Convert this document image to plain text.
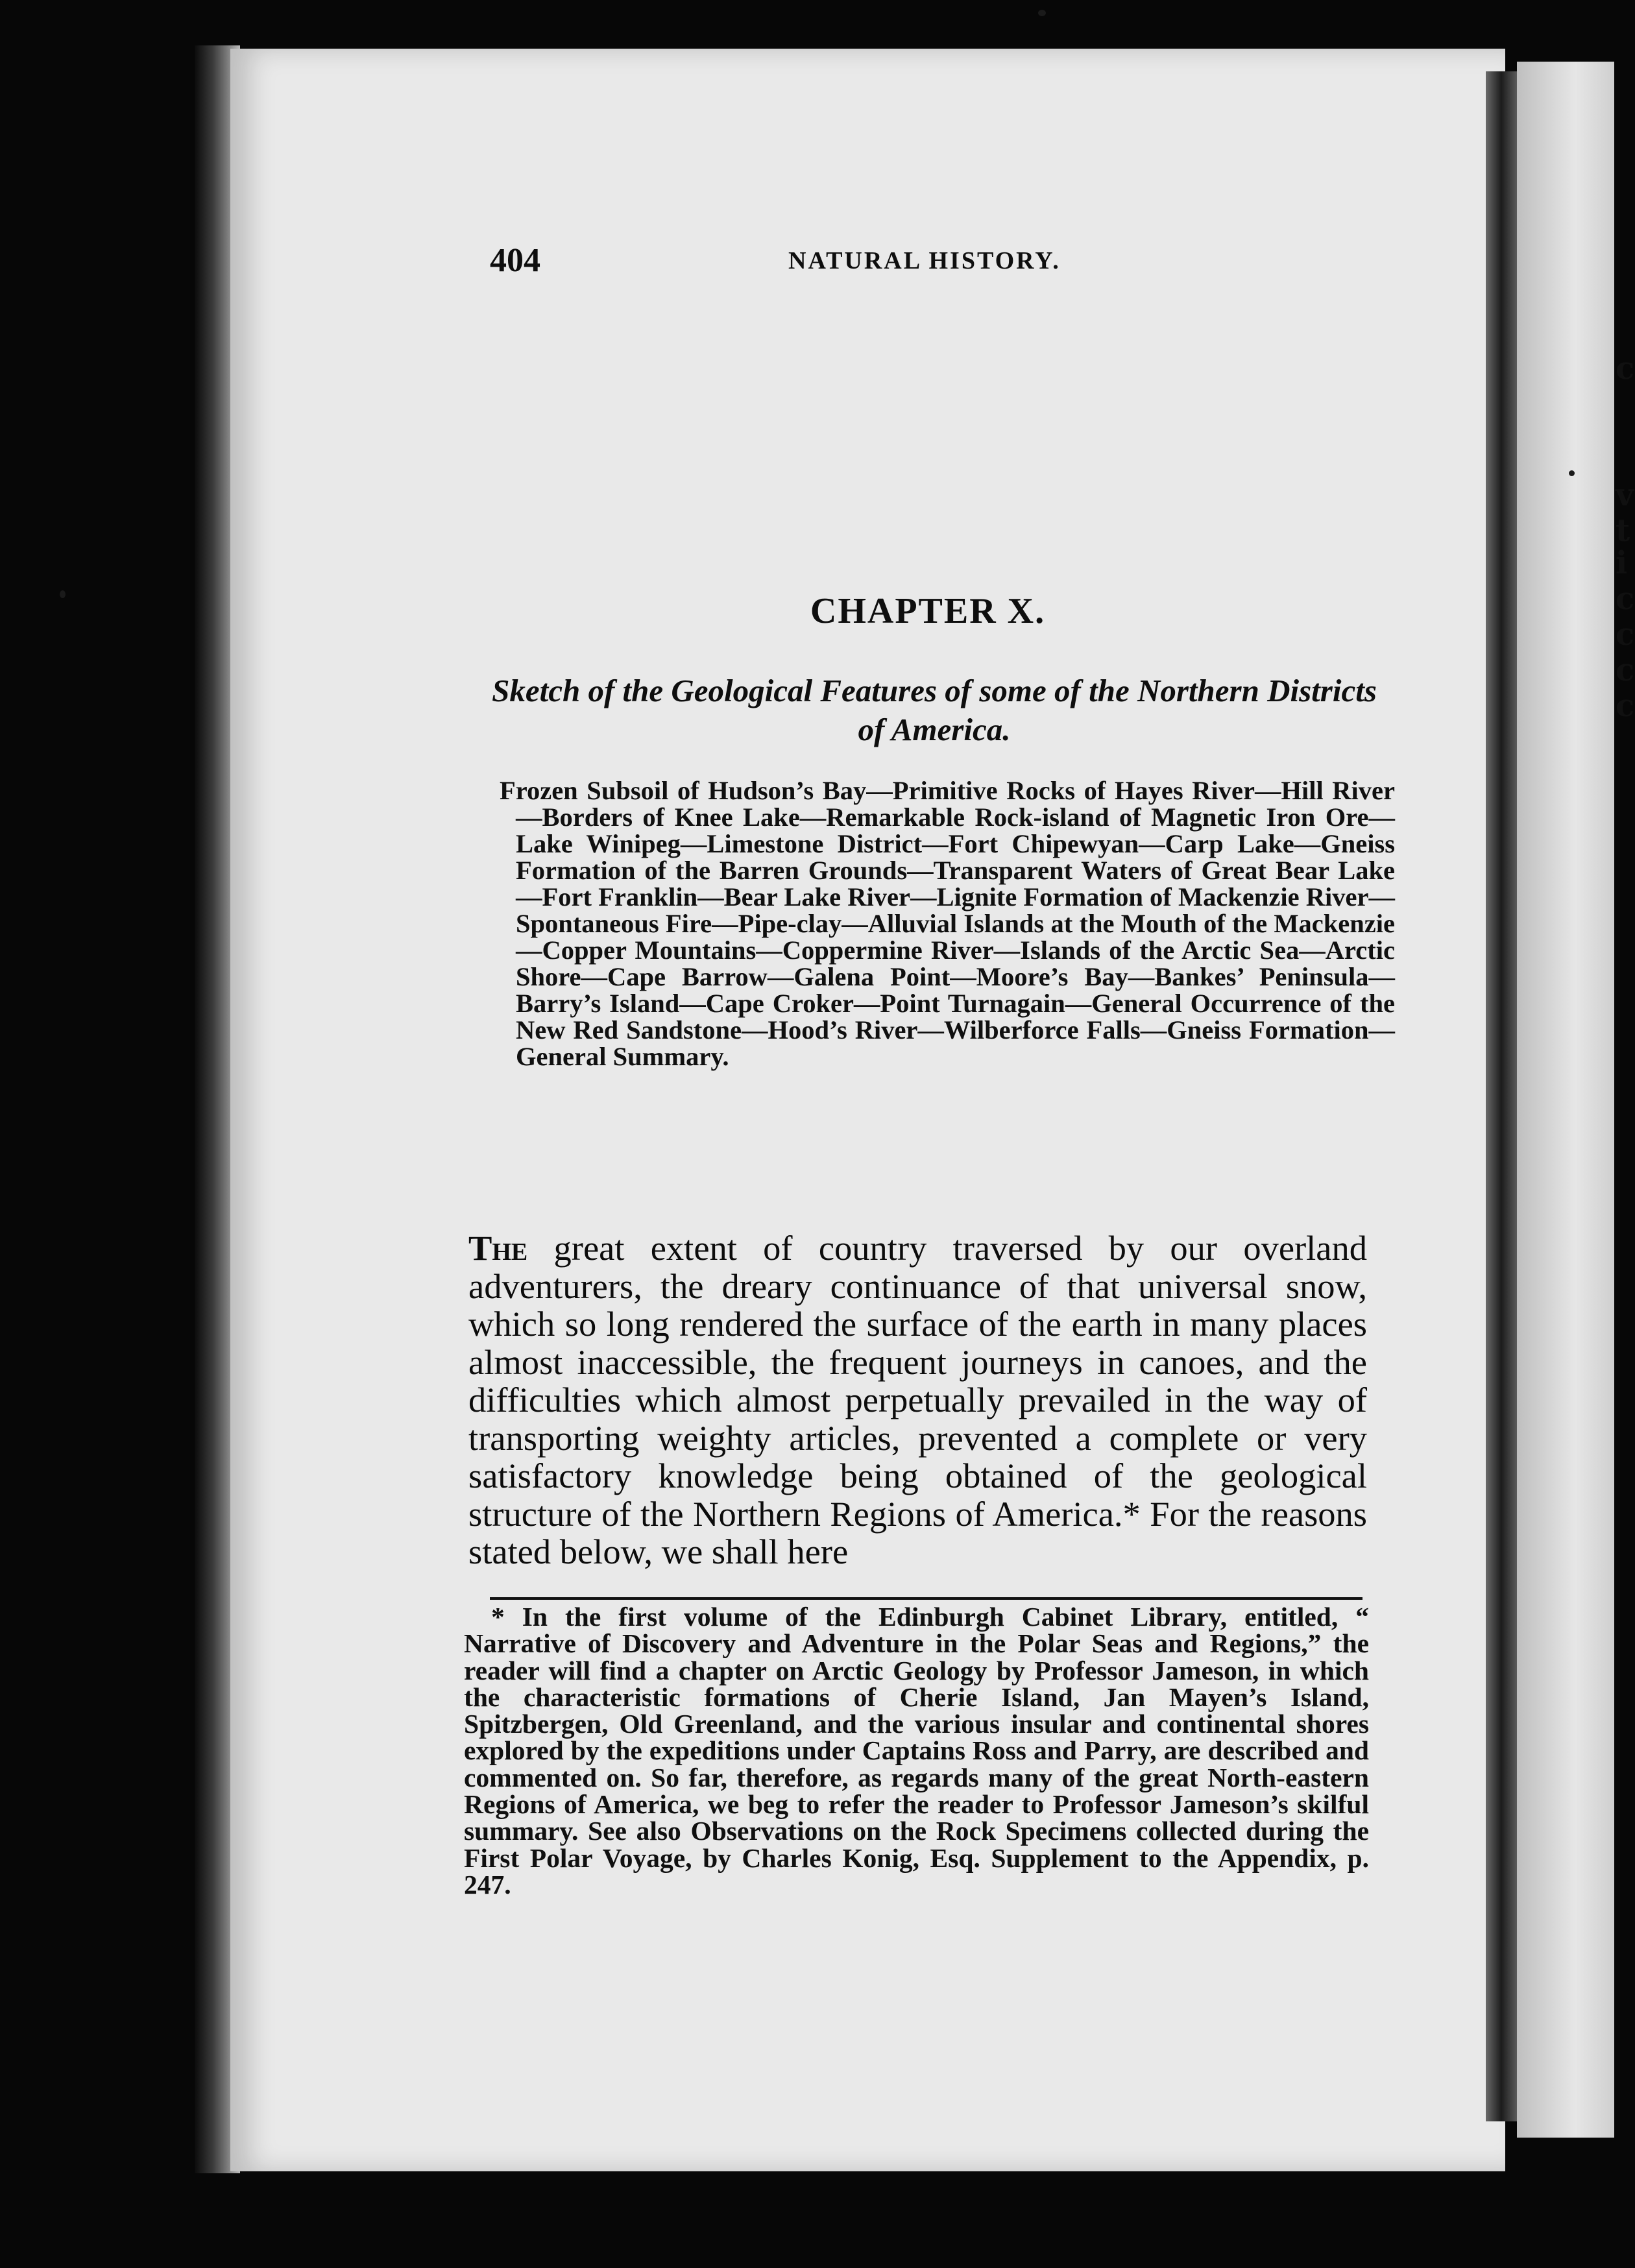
c
v
t
i
c
c
c
c
404	NATURAL HISTORY.
CHAPTER X.
Sketch of the Geological Features of some of the Northern Districts of America.

Frozen Subsoil of Hudson’s Bay—Primitive Rocks of Hayes River—Hill River—Borders of Knee Lake—Remarkable Rock-island of Magnetic Iron Ore—Lake Winipeg—Limestone District—Fort Chipewyan—Carp Lake—Gneiss Formation of the Barren Grounds—Transparent Waters of Great Bear Lake—Fort Franklin—Bear Lake River—Lignite Formation of Mackenzie River—Spontaneous Fire—Pipe-clay—Alluvial Islands at the Mouth of the Mackenzie—Copper Mountains—Coppermine River—Islands of the Arctic Sea—Arctic Shore—Cape Barrow—Galena Point—Moore’s Bay—Bankes’ Peninsula—Barry’s Island—Cape Croker—Point Turnagain—General Occurrence of the New Red Sandstone—Hood’s River—Wilberforce Falls—Gneiss Formation—General Summary.

The great extent of country traversed by our overland adventurers, the dreary continuance of that universal snow, which so long rendered the surface of the earth in many places almost inaccessible, the frequent journeys in canoes, and the difficulties which almost perpetually prevailed in the way of transporting weighty articles, prevented a complete or very satisfactory knowledge being obtained of the geological structure of the Northern Regions of America.* For the reasons stated below, we shall here

* In the first volume of the Edinburgh Cabinet Library, entitled, “ Narrative of Discovery and Adventure in the Polar Seas and Regions,” the reader will find a chapter on Arctic Geology by Professor Jameson, in which the characteristic formations of Cherie Island, Jan Mayen’s Island, Spitzbergen, Old Greenland, and the various insular and continental shores explored by the expeditions under Captains Ross and Parry, are described and commented on. So far, therefore, as regards many of the great North-eastern Regions of America, we beg to refer the reader to Professor Jameson’s skilful summary. See also Observations on the Rock Specimens collected during the First Polar Voyage, by Charles Konig, Esq. Supplement to the Appendix, p. 247.
